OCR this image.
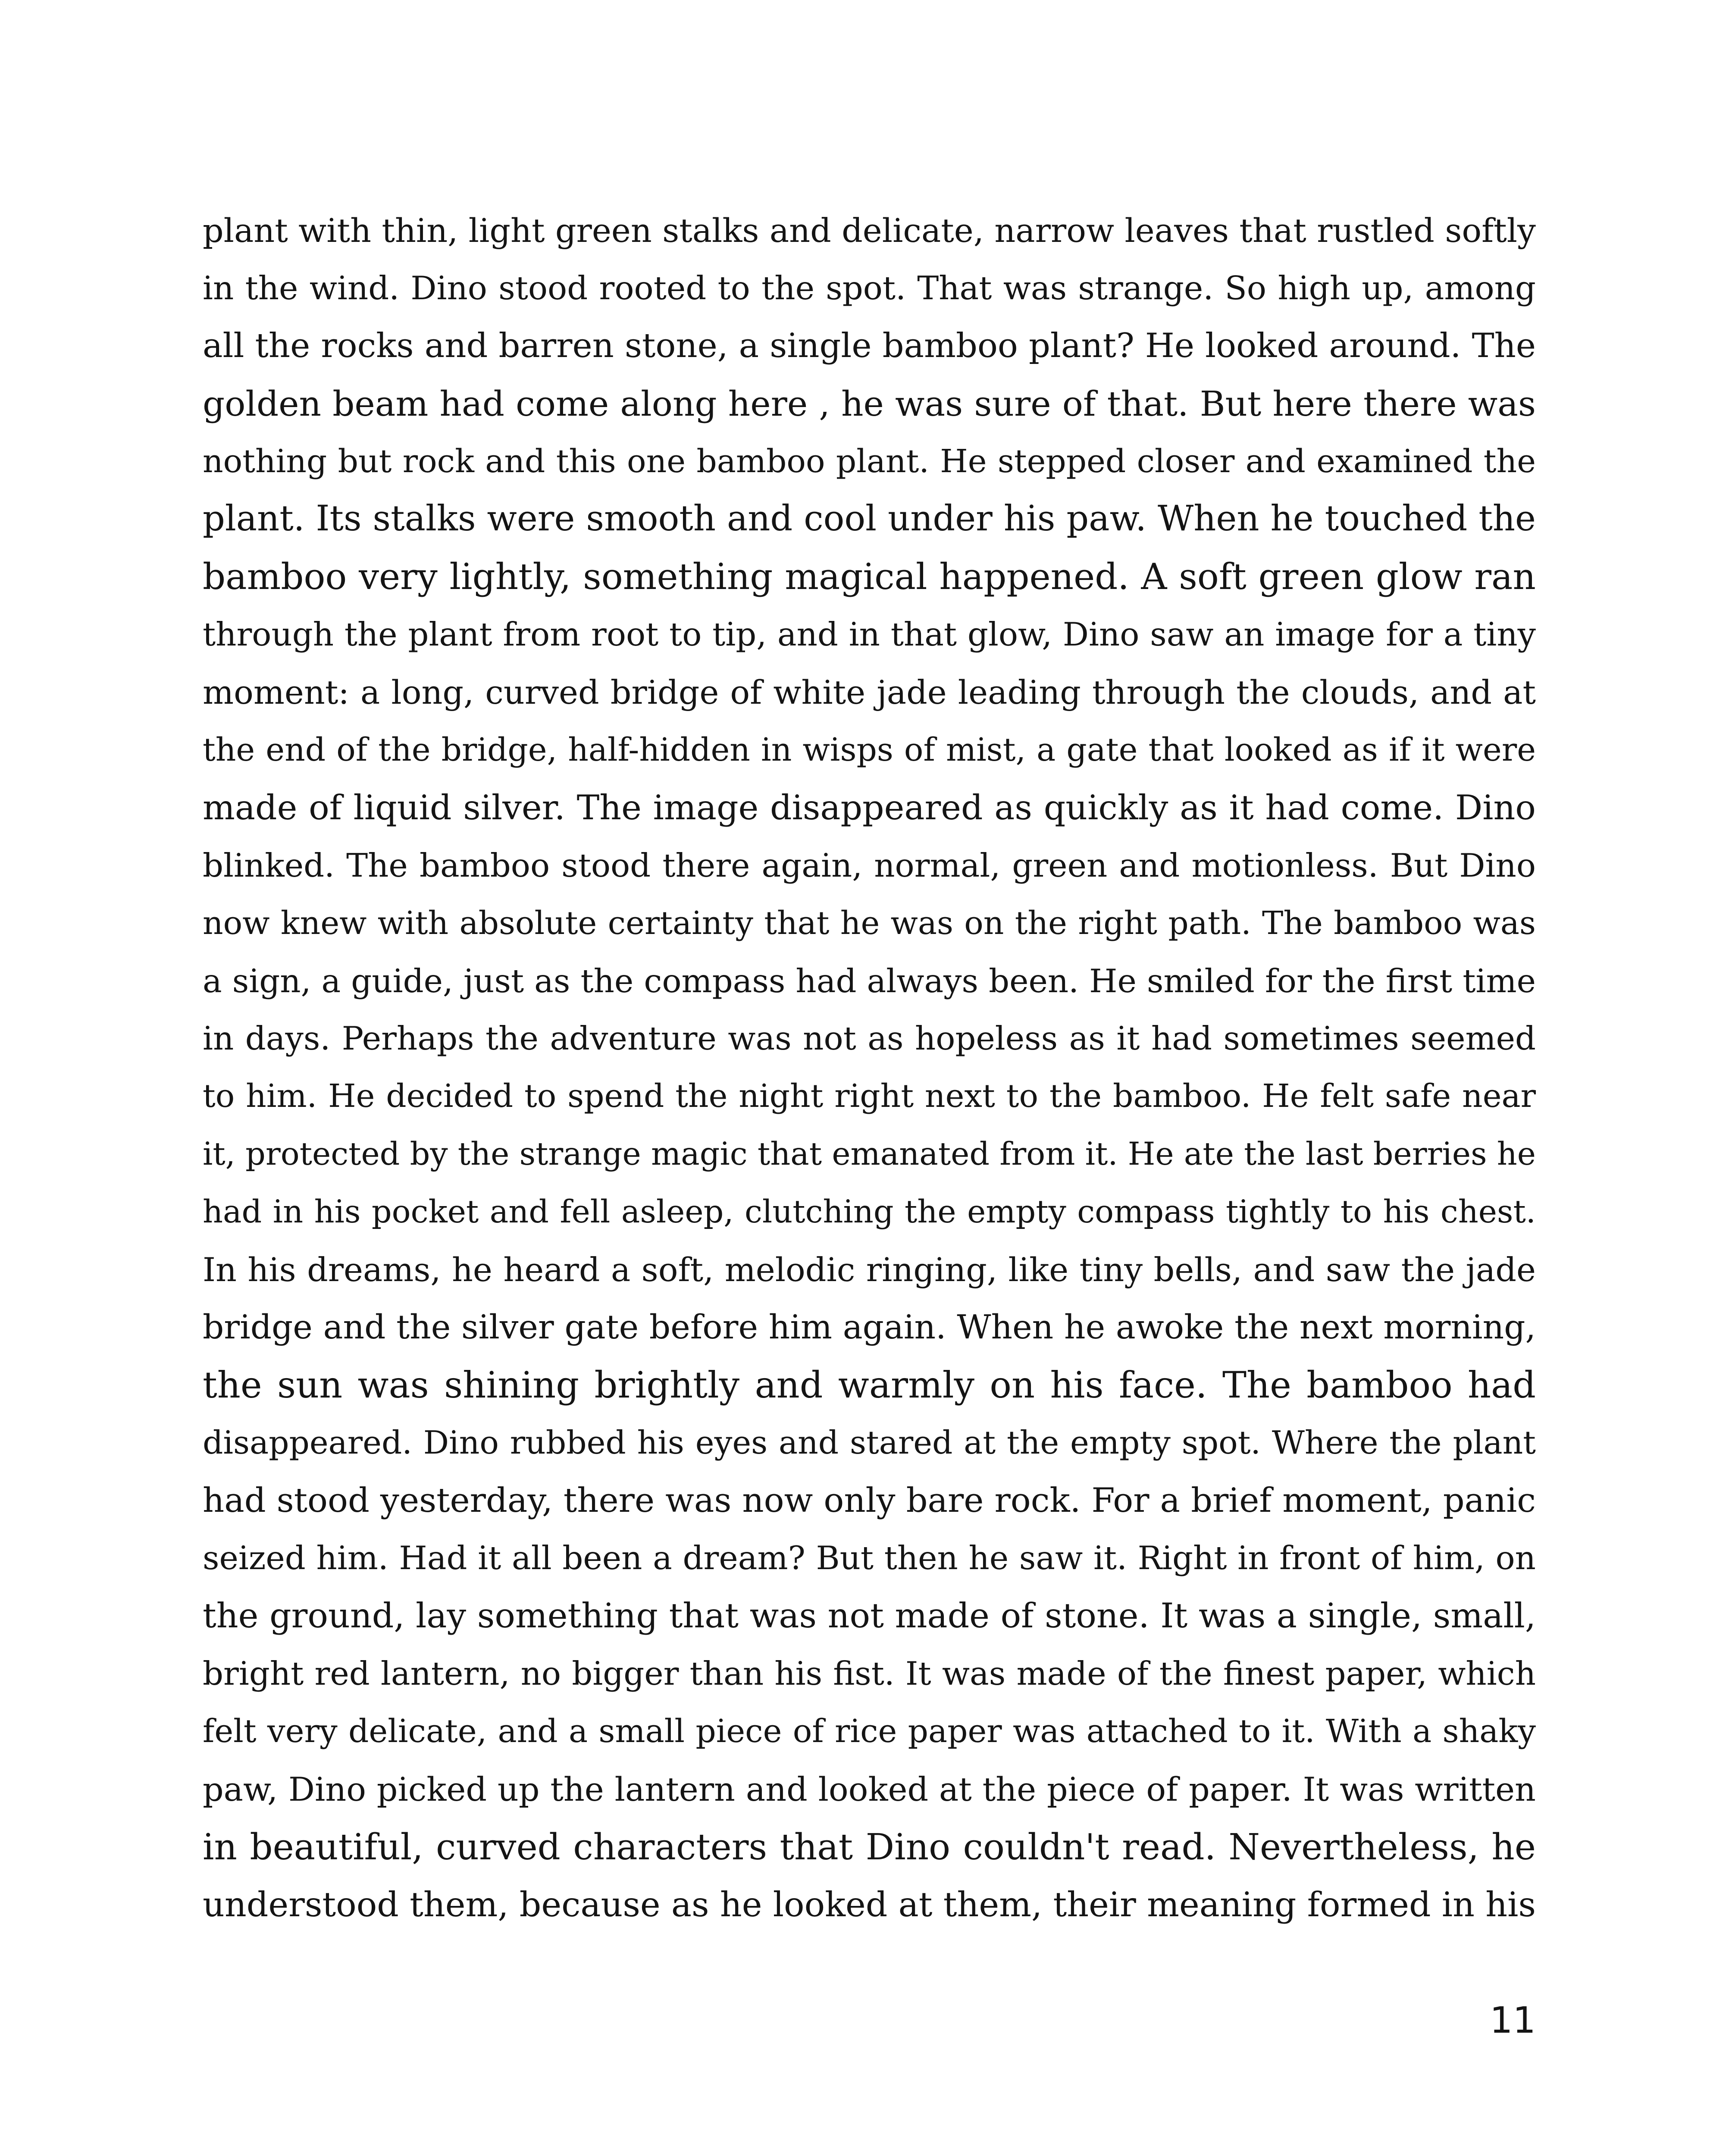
plant with thin, light green stalks and delicate, narrow leaves that rustled softly
in the wind. Dino stood rooted to the spot. That was strange. So high up, among
all the rocks and barren stone, a single bamboo plant? He looked around. The
golden beam had come along here , he was sure of that. But here there was
nothing but rock and this one bamboo plant. He stepped closer and examined the
plant. Its stalks were smooth and cool under his paw. When he touched the
bamboo very lightly, something magical happened. A soft green glow ran
through the plant from root to tip, and in that glow, Dino saw an image for a tiny
moment: a long, curved bridge of white jade leading through the clouds, and at
the end of the bridge, half-hidden in wisps of mist, a gate that looked as if it were
made of liquid silver. The image disappeared as quickly as it had come. Dino
blinked. The bamboo stood there again, normal, green and motionless. But Dino
now knew with absolute certainty that he was on the right path. The bamboo was
a sign, a guide, just as the compass had always been. He smiled for the first time
in days. Perhaps the adventure was not as hopeless as it had sometimes seemed
to him. He decided to spend the night right next to the bamboo. He felt safe near
it, protected by the strange magic that emanated from it. He ate the last berries he
had in his pocket and fell asleep, clutching the empty compass tightly to his chest.
In his dreams, he heard a soft, melodic ringing, like tiny bells, and saw the jade
bridge and the silver gate before him again. When he awoke the next morning,
the sun was shining brightly and warmly on his face. The bamboo had
disappeared. Dino rubbed his eyes and stared at the empty spot. Where the plant
had stood yesterday, there was now only bare rock. For a brief moment, panic
seized him. Had it all been a dream? But then he saw it. Right in front of him, on
the ground, lay something that was not made of stone. It was a single, small,
bright red lantern, no bigger than his fist. It was made of the finest paper, which
felt very delicate, and a small piece of rice paper was attached to it. With a shaky
paw, Dino picked up the lantern and looked at the piece of paper. It was written
in beautiful, curved characters that Dino couldn't read. Nevertheless, he
understood them, because as he looked at them, their meaning formed in his
11
